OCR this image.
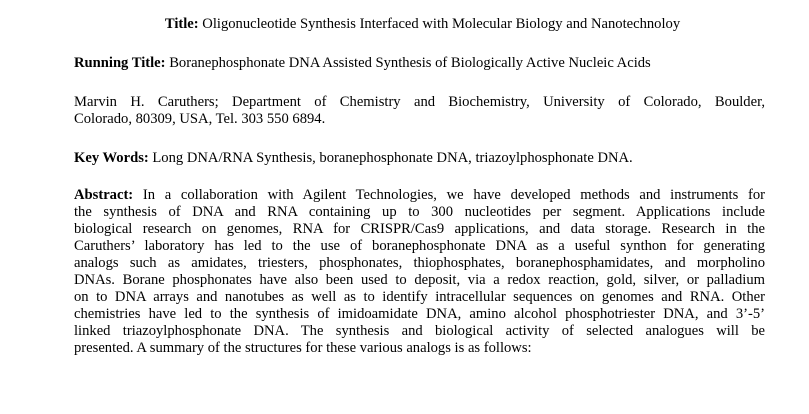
Title: Oligonucleotide Synthesis Interfaced with Molecular Biology and Nanotechnoloy

Running Title: Boranephosphonate DNA Assisted Synthesis of Biologically Active Nucleic Acids

Marvin H. Caruthers; Department of Chemistry and Biochemistry, University of Colorado, Boulder,
Colorado, 80309, USA, Tel. 303 550 6894.

Key Words: Long DNA/RNA Synthesis, boranephosphonate DNA, triazoylphosphonate DNA.

Abstract: In a collaboration with Agilent Technologies, we have developed methods and instruments for
the synthesis of DNA and RNA containing up to 300 nucleotides per segment. Applications include
biological research on genomes, RNA for CRISPR/Cas9 applications, and data storage. Research in the
Caruthers’ laboratory has led to the use of boranephosphonate DNA as a useful synthon for generating
analogs such as amidates, triesters, phosphonates, thiophosphates, boranephosphamidates, and morpholino
DNAs. Borane phosphonates have also been used to deposit, via a redox reaction, gold, silver, or palladium
on to DNA arrays and nanotubes as well as to identify intracellular sequences on genomes and RNA. Other
chemistries have led to the synthesis of imidoamidate DNA, amino alcohol phosphotriester DNA, and 3’-5’
linked triazoylphosphonate DNA. The synthesis and biological activity of selected analogues will be
presented. A summary of the structures for these various analogs is as follows:
